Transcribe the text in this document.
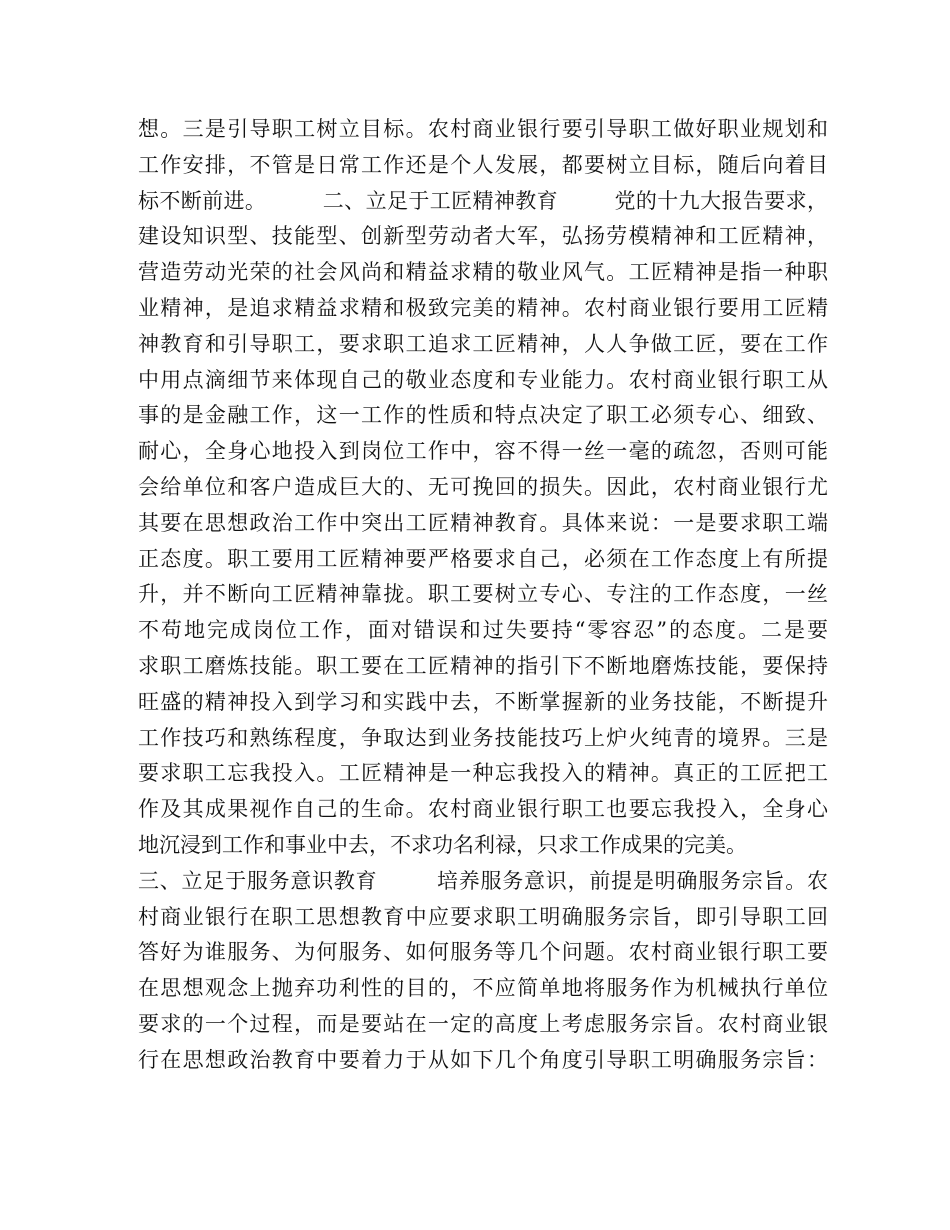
想。三是引导职工树立目标。农村商业银行要引导职工做好职业规划和
工作安排，不管是日常工作还是个人发展，都要树立目标，随后向着目
标不断前进。        二、立足于工匠精神教育        党的十九大报告要求，
建设知识型、技能型、创新型劳动者大军，弘扬劳模精神和工匠精神，
营造劳动光荣的社会风尚和精益求精的敬业风气。工匠精神是指一种职
业精神，是追求精益求精和极致完美的精神。农村商业银行要用工匠精
神教育和引导职工，要求职工追求工匠精神，人人争做工匠，要在工作
中用点滴细节来体现自己的敬业态度和专业能力。农村商业银行职工从
事的是金融工作，这一工作的性质和特点决定了职工必须专心、细致、
耐心，全身心地投入到岗位工作中，容不得一丝一毫的疏忽，否则可能
会给单位和客户造成巨大的、无可挽回的损失。因此，农村商业银行尤
其要在思想政治工作中突出工匠精神教育。具体来说：一是要求职工端
正态度。职工要用工匠精神要严格要求自己，必须在工作态度上有所提
升，并不断向工匠精神靠拢。职工要树立专心、专注的工作态度，一丝
不苟地完成岗位工作，面对错误和过失要持“零容忍”的态度。二是要
求职工磨炼技能。职工要在工匠精神的指引下不断地磨炼技能，要保持
旺盛的精神投入到学习和实践中去，不断掌握新的业务技能，不断提升
工作技巧和熟练程度，争取达到业务技能技巧上炉火纯青的境界。三是
要求职工忘我投入。工匠精神是一种忘我投入的精神。真正的工匠把工
作及其成果视作自己的生命。农村商业银行职工也要忘我投入，全身心
地沉浸到工作和事业中去，不求功名利禄，只求工作成果的完美。
三、立足于服务意识教育        培养服务意识，前提是明确服务宗旨。农
村商业银行在职工思想教育中应要求职工明确服务宗旨，即引导职工回
答好为谁服务、为何服务、如何服务等几个问题。农村商业银行职工要
在思想观念上抛弃功利性的目的，不应简单地将服务作为机械执行单位
要求的一个过程，而是要站在一定的高度上考虑服务宗旨。农村商业银
行在思想政治教育中要着力于从如下几个角度引导职工明确服务宗旨：
